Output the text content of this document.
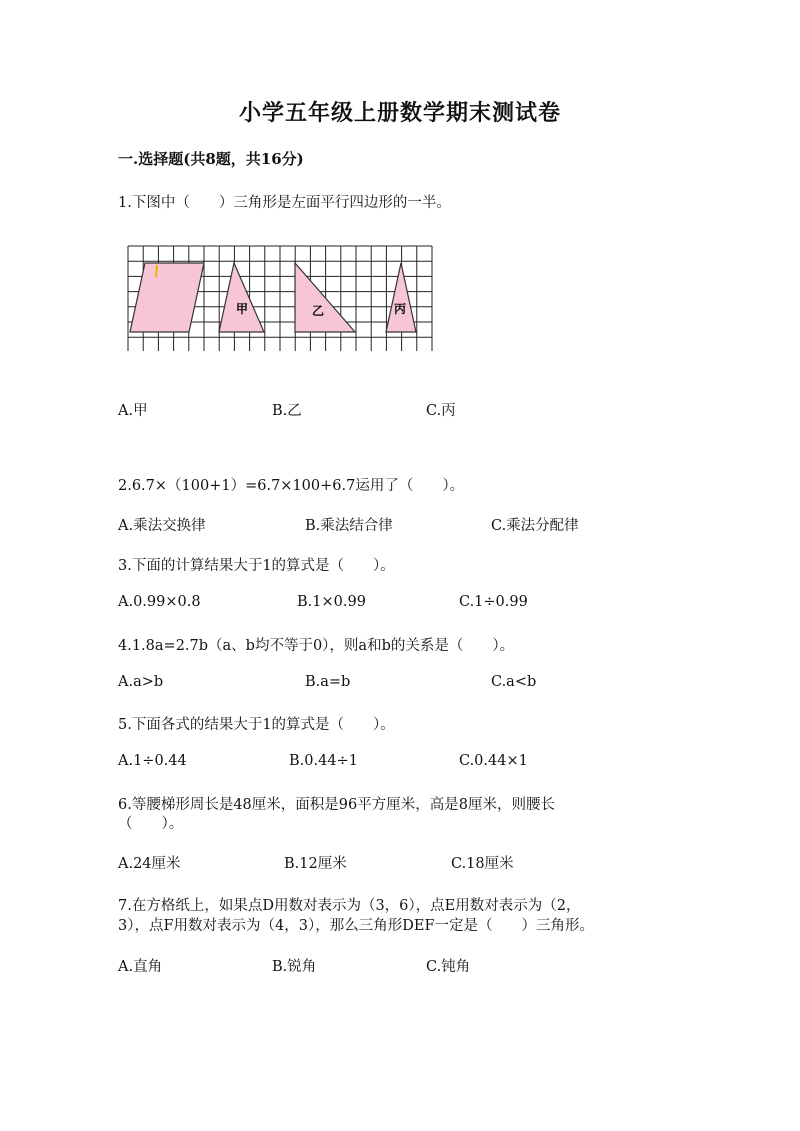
小学五年级上册数学期末测试卷
一.选择题(共8题，共16分)
1.下图中（　　）三角形是左面平行四边形的一半。
甲	乙	丙
A.甲	B.乙	C.丙
2.6.7×（100+1）=6.7×100+6.7运用了（　　）。
A.乘法交换律	B.乘法结合律	C.乘法分配律
3.下面的计算结果大于1的算式是（　　）。
A.0.99×0.8	B.1×0.99	C.1÷0.99
4.1.8a=2.7b（a、b均不等于0），则a和b的关系是（　　）。
A.a>b	B.a=b	C.a<b
5.下面各式的结果大于1的算式是（　　）。
A.1÷0.44	B.0.44÷1	C.0.44×1
6.等腰梯形周长是48厘米，面积是96平方厘米，高是8厘米，则腰长
（　　）。
A.24厘米	B.12厘米	C.18厘米
7.在方格纸上，如果点D用数对表示为（3，6），点E用数对表示为（2，
3），点F用数对表示为（4，3），那么三角形DEF一定是（　　）三角形。
A.直角	B.锐角	C.钝角
